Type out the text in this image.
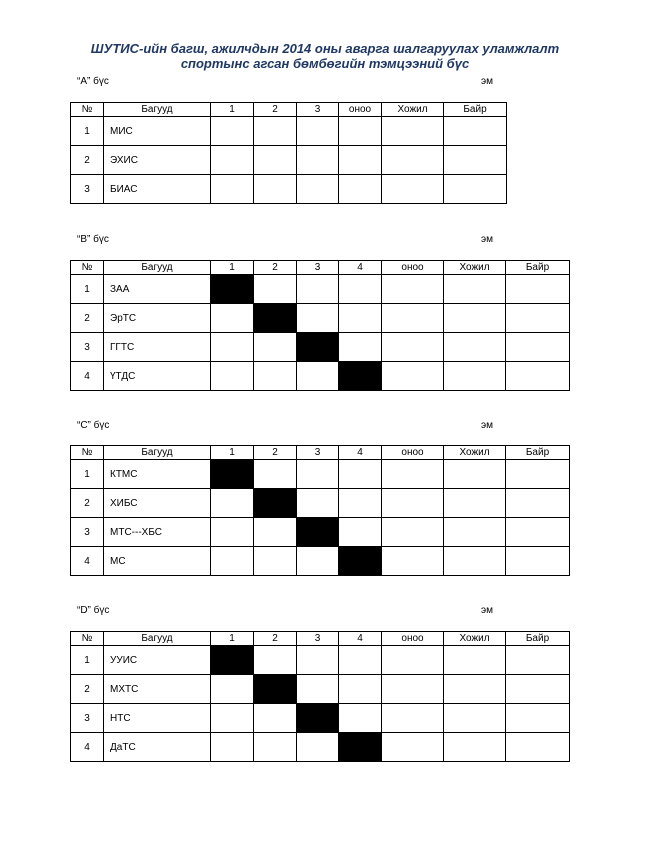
ШУТИС-ийн багш, ажилчдын 2014 оны аварга шалгаруулах уламжлалт
спортынс агсан бөмбөгийн тэмцээний бүс
“A” бүс	эм
№	Багууд	1	2	3	оноо	Хожил	Байр
1	МИС						
2	ЭХИС						
3	БИАС						
“B” бүс	эм
№	Багууд	1	2	3	4	оноо	Хожил	Байр
1	ЗАА							
2	ЭрТС							
3	ГГТС							
4	ҮТДС							
“C” бүс	эм
№	Багууд	1	2	3	4	оноо	Хожил	Байр
1	КТМС							
2	ХИБС							
3	МТС---ХБС							
4	МС							
“D” бүс	эм
№	Багууд	1	2	3	4	оноо	Хожил	Байр
1	УУИС							
2	МХТС							
3	НТС							
4	ДаТС							
